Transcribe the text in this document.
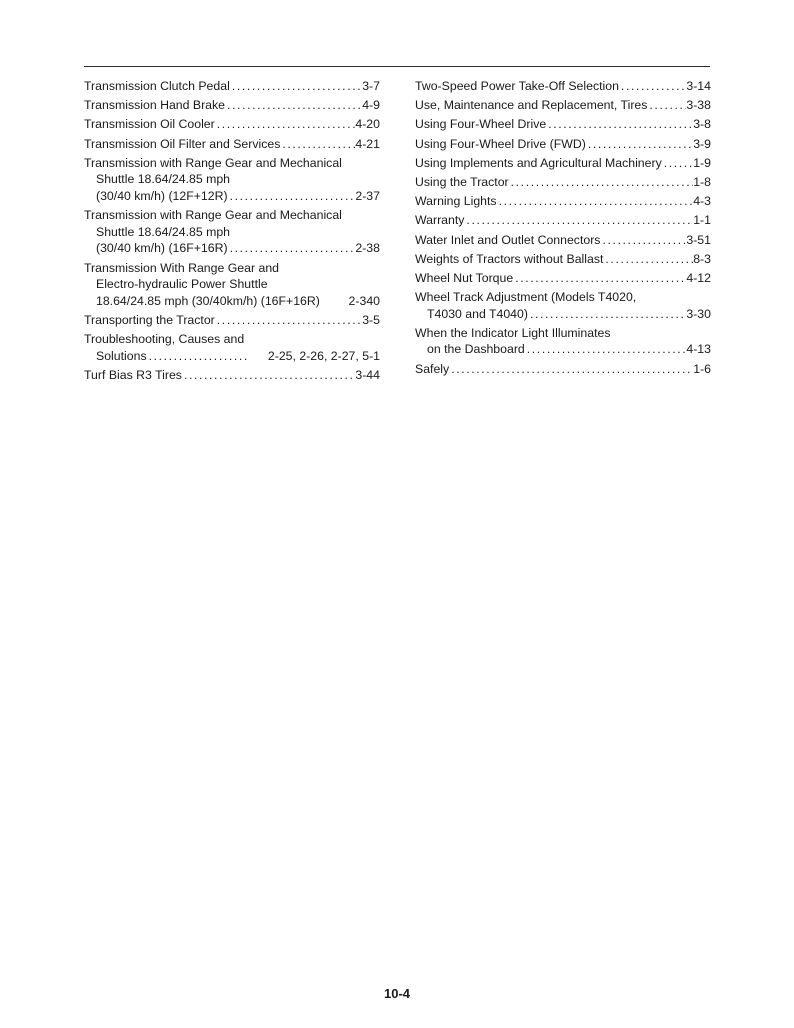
Transmission Clutch Pedal .....	3-7
Transmission Hand Brake .....	4-9
Transmission Oil Cooler .....	4-20
Transmission Oil Filter and Services .....	4-21
Transmission with Range Gear and Mechanical
Shuttle 18.64/24.85 mph
(30/40 km/h) (12F+12R) .....	2-37
Transmission with Range Gear and Mechanical
Shuttle 18.64/24.85 mph
(30/40 km/h) (16F+16R) .....	2-38
Transmission With Range Gear and
Electro-hydraulic Power Shuttle
18.64/24.85 mph (30/40km/h) (16F+16R)	2-340
Transporting the Tractor .....	3-5
Troubleshooting, Causes and
Solutions .....	2-25, 2-26, 2-27, 5-1
Turf Bias R3 Tires .....	3-44
Two-Speed Power Take-Off Selection .....	3-14
Use, Maintenance and Replacement, Tires .....	3-38
Using Four-Wheel Drive .....	3-8
Using Four-Wheel Drive (FWD) .....	3-9
Using Implements and Agricultural Machinery .....	1-9
Using the Tractor .....	1-8
Warning Lights .....	4-3
Warranty .....	1-1
Water Inlet and Outlet Connectors .....	3-51
Weights of Tractors without Ballast .....	8-3
Wheel Nut Torque .....	4-12
Wheel Track Adjustment (Models T4020,
T4030 and T4040) .....	3-30
When the Indicator Light Illuminates
on the Dashboard .....	4-13
Safely .....	1-6
10-4
